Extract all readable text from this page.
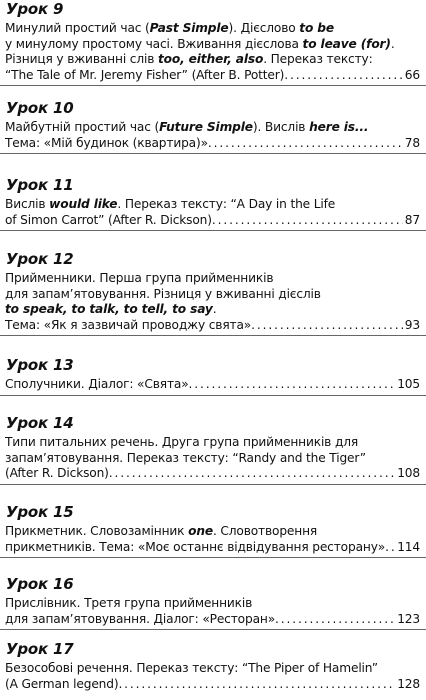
Урок 9
Минулий простий час (Past Simple). Дієслово to be
у минулому простому часі. Вживання дієслова to leave (for).
Різниця у вживанні слів too, either, also. Переказ тексту:
“The Tale of Mr. Jeremy Fisher” (After B. Potter) . . .	66
Урок 10
Майбутній простий час (Future Simple). Вислів here is...
Тема: «Мій будинок (квартира)» . . .	78
Урок 11
Вислів would like. Переказ тексту: “A Day in the Life
of Simon Carrot” (After R. Dickson) . . .	87
Урок 12
Прийменники. Перша група прийменників
для запам’ятовування. Різниця у вживанні дієслів
to speak, to talk, to tell, to say.
Тема: «Як я зазвичай проводжу свята» . . .	93
Урок 13
Сполучники. Діалог: «Свята» . . .	105
Урок 14
Типи питальних речень. Друга група прийменників для
запам’ятовування. Переказ тексту: “Randy and the Tiger”
(After R. Dickson) . . .	108
Урок 15
Прикметник. Словозамінник one. Словотворення
прикметників. Тема: «Моє останнє відвідування ресторану» . . . 114
Урок 16
Прислівник. Третя група прийменників
для запам’ятовування. Діалог: «Ресторан» . . .	123
Урок 17
Безособові речення. Переказ тексту: “The Piper of Hamelin”
(A German legend) . . .	128
